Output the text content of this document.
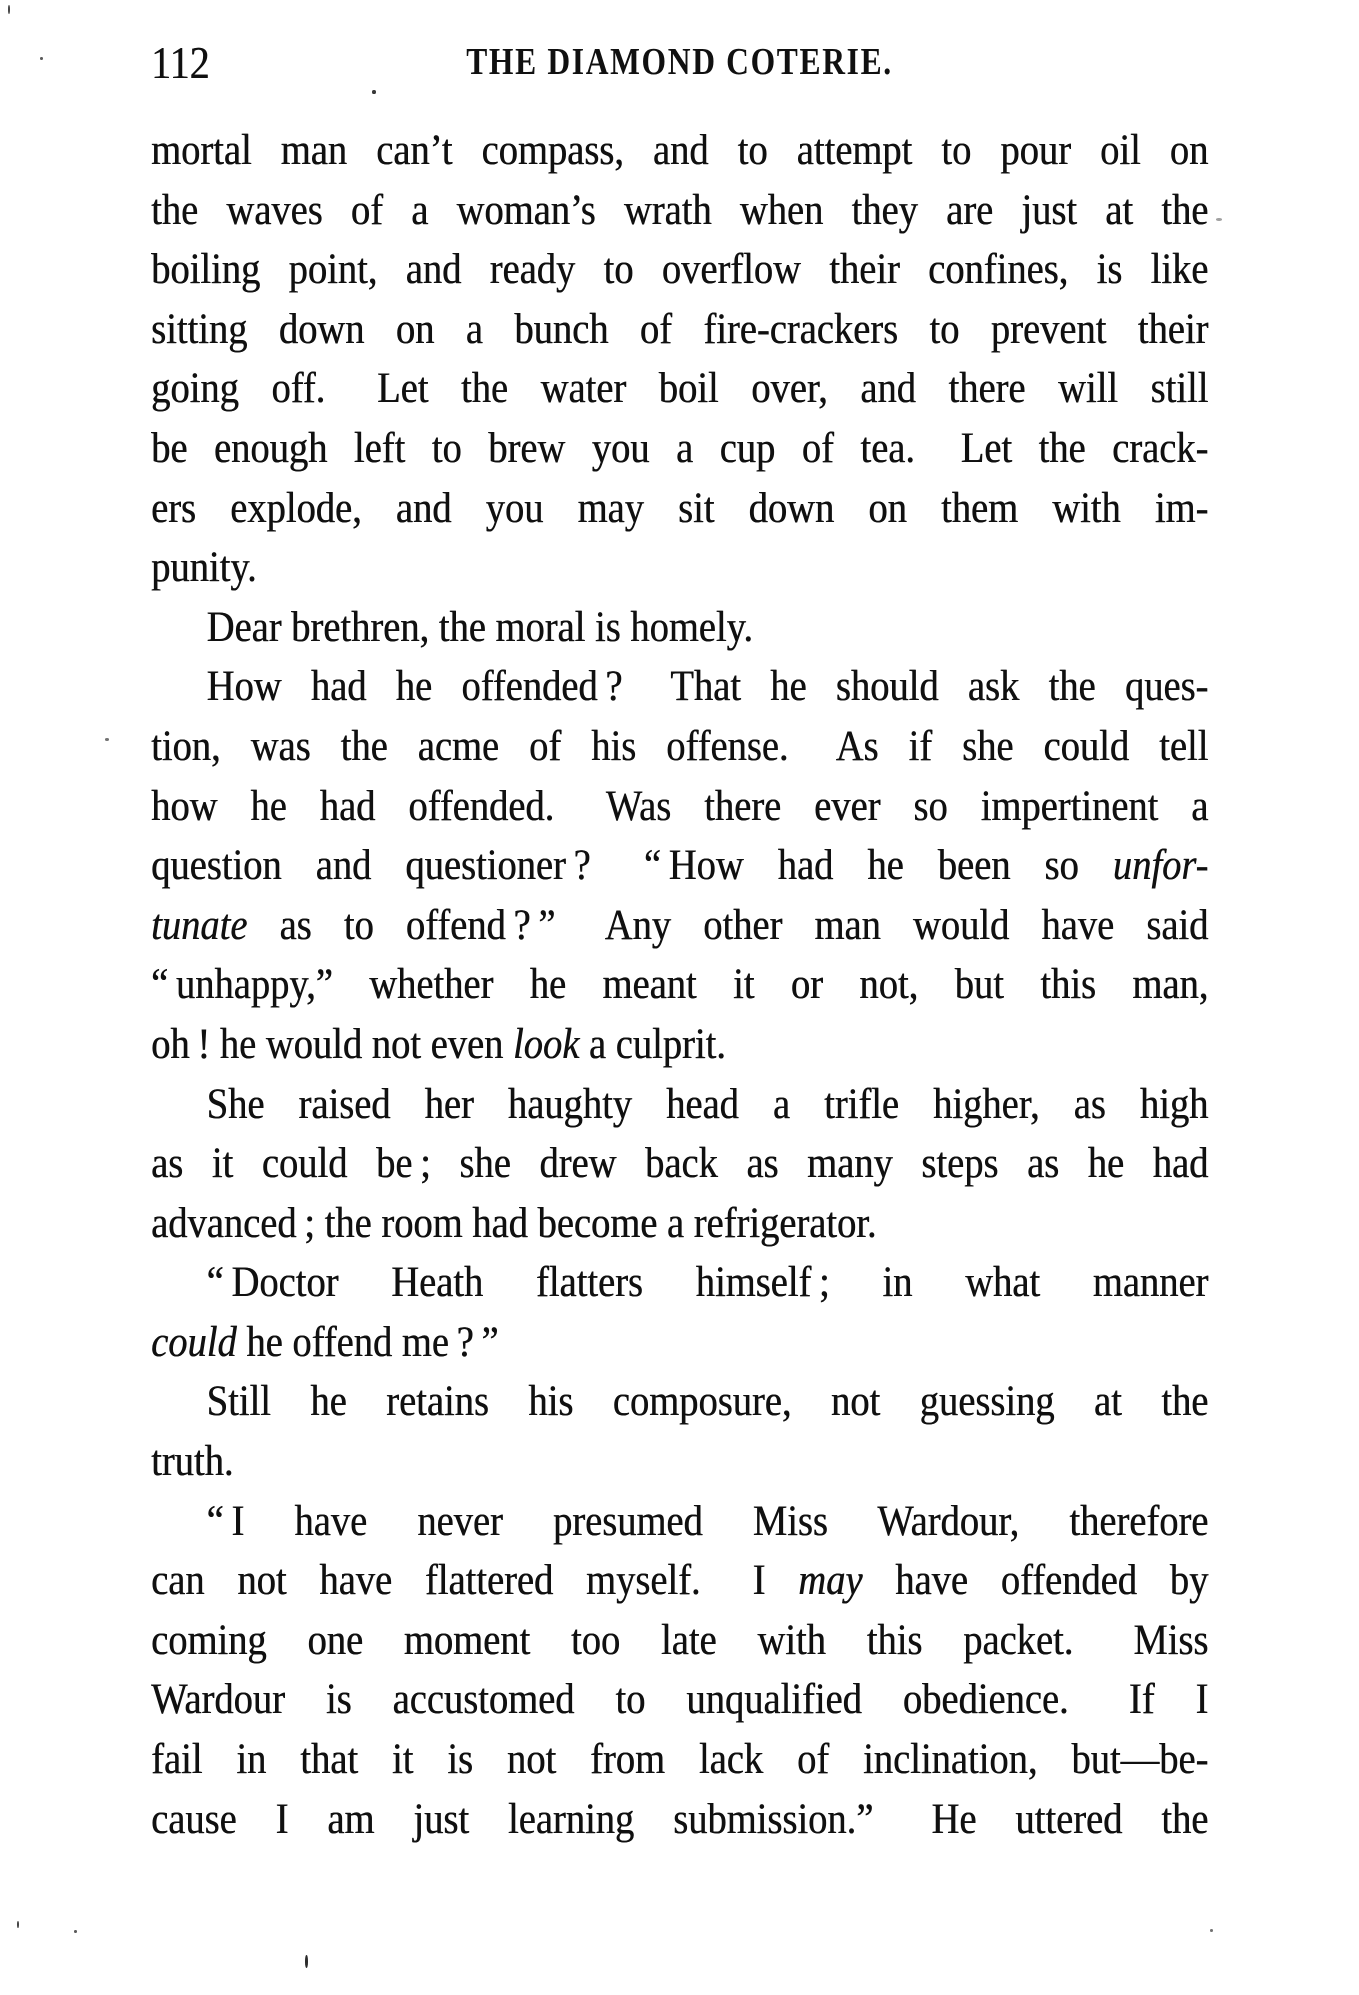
112	THE DIAMOND COTERIE.
mortal man can’t compass, and to attempt to pour oil on
the waves of a woman’s wrath when they are just at the
boiling point, and ready to overflow their confines, is like
sitting down on a bunch of fire-crackers to prevent their
going off.  Let the water boil over, and there will still
be enough left to brew you a cup of tea.  Let the crack-
ers explode, and you may sit down on them with im-
punity.
Dear brethren, the moral is homely.
How had he offended ?  That he should ask the ques-
tion, was the acme of his offense.  As if she could tell
how he had offended.  Was there ever so impertinent a
question and questioner ?  “ How had he been so unfor-
tunate as to offend ? ”  Any other man would have said
“ unhappy,” whether he meant it or not, but this man,
oh ! he would not even look a culprit.
She raised her haughty head a trifle higher, as high
as it could be ; she drew back as many steps as he had
advanced ; the room had become a refrigerator.
“ Doctor Heath flatters himself ; in what manner
could he offend me ? ”
Still he retains his composure, not guessing at the
truth.
“ I have never presumed Miss Wardour, therefore
can not have flattered myself.  I may have offended by
coming one moment too late with this packet.  Miss
Wardour is accustomed to unqualified obedience.  If I
fail in that it is not from lack of inclination, but—be-
cause I am just learning submission.”  He uttered the
